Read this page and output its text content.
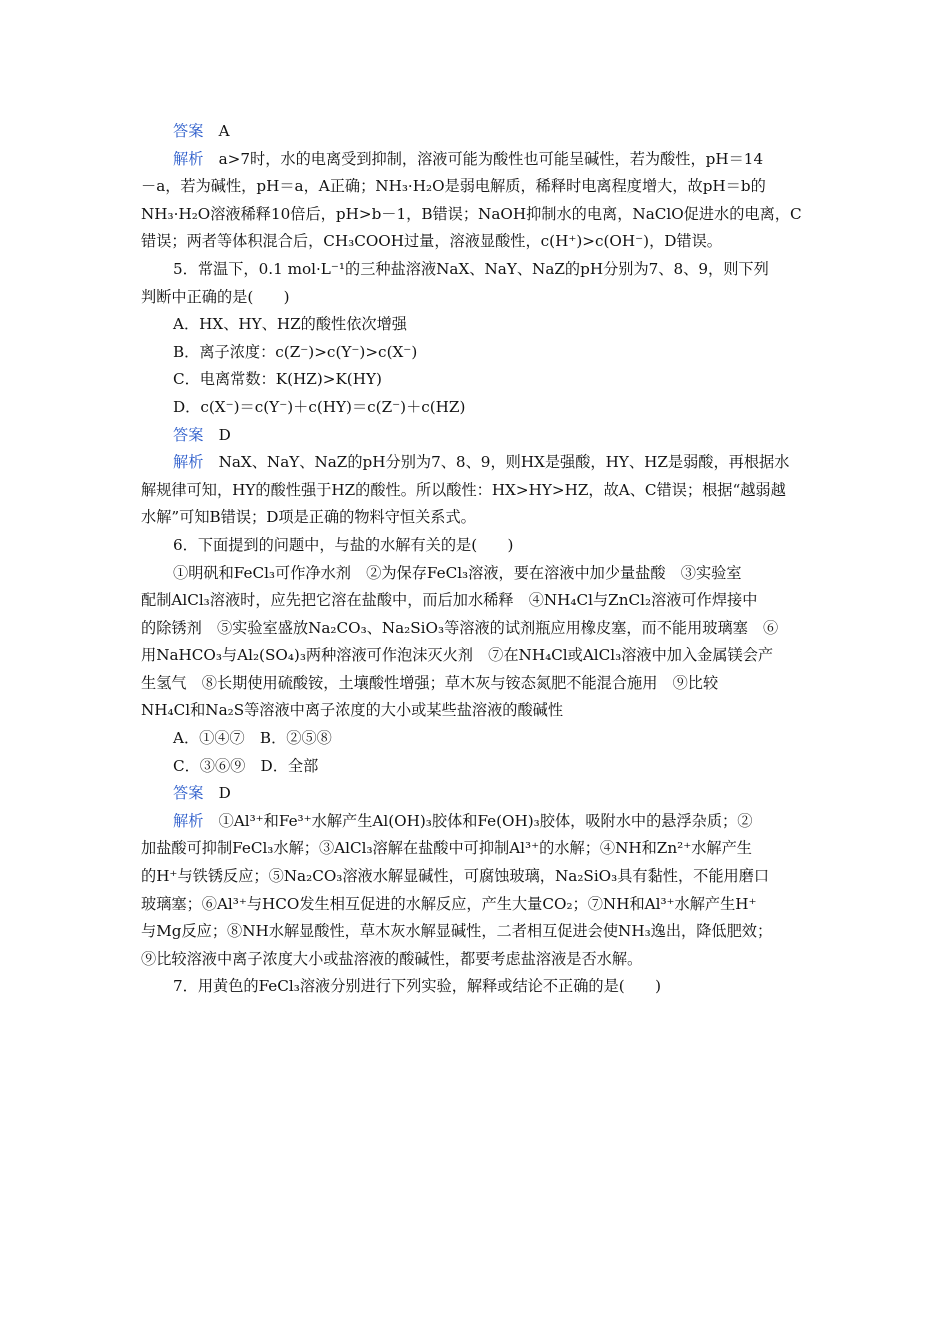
答案　A
解析　a>7时，水的电离受到抑制，溶液可能为酸性也可能呈碱性，若为酸性，pH＝14
－a，若为碱性，pH＝a，A正确；NH₃·H₂O是弱电解质，稀释时电离程度增大，故pH＝b的
NH₃·H₂O溶液稀释10倍后，pH>b－1，B错误；NaOH抑制水的电离，NaClO促进水的电离，C
错误；两者等体积混合后，CH₃COOH过量，溶液显酸性，c(H⁺)>c(OH⁻)，D错误。
5．常温下，0.1 mol·L⁻¹的三种盐溶液NaX、NaY、NaZ的pH分别为7、8、9，则下列
判断中正确的是(　　)
A．HX、HY、HZ的酸性依次增强
B．离子浓度：c(Z⁻)>c(Y⁻)>c(X⁻)
C．电离常数：K(HZ)>K(HY)
D．c(X⁻)＝c(Y⁻)＋c(HY)＝c(Z⁻)＋c(HZ)
答案　D
解析　NaX、NaY、NaZ的pH分别为7、8、9，则HX是强酸，HY、HZ是弱酸，再根据水
解规律可知，HY的酸性强于HZ的酸性。所以酸性：HX>HY>HZ，故A、C错误；根据“越弱越
水解”可知B错误；D项是正确的物料守恒关系式。
6．下面提到的问题中，与盐的水解有关的是(　　)
①明矾和FeCl₃可作净水剂　②为保存FeCl₃溶液，要在溶液中加少量盐酸　③实验室
配制AlCl₃溶液时，应先把它溶在盐酸中，而后加水稀释　④NH₄Cl与ZnCl₂溶液可作焊接中
的除锈剂　⑤实验室盛放Na₂CO₃、Na₂SiO₃等溶液的试剂瓶应用橡皮塞，而不能用玻璃塞　⑥
用NaHCO₃与Al₂(SO₄)₃两种溶液可作泡沫灭火剂　⑦在NH₄Cl或AlCl₃溶液中加入金属镁会产
生氢气　⑧长期使用硫酸铵，土壤酸性增强；草木灰与铵态氮肥不能混合施用　⑨比较
NH₄Cl和Na₂S等溶液中离子浓度的大小或某些盐溶液的酸碱性
A．①④⑦　B．②⑤⑧
C．③⑥⑨　D．全部
答案　D
解析　①Al³⁺和Fe³⁺水解产生Al(OH)₃胶体和Fe(OH)₃胶体，吸附水中的悬浮杂质；②
加盐酸可抑制FeCl₃水解；③AlCl₃溶解在盐酸中可抑制Al³⁺的水解；④NH和Zn²⁺水解产生
的H⁺与铁锈反应；⑤Na₂CO₃溶液水解显碱性，可腐蚀玻璃，Na₂SiO₃具有黏性，不能用磨口
玻璃塞；⑥Al³⁺与HCO发生相互促进的水解反应，产生大量CO₂；⑦NH和Al³⁺水解产生H⁺
与Mg反应；⑧NH水解显酸性，草木灰水解显碱性，二者相互促进会使NH₃逸出，降低肥效；
⑨比较溶液中离子浓度大小或盐溶液的酸碱性，都要考虑盐溶液是否水解。
7．用黄色的FeCl₃溶液分别进行下列实验，解释或结论不正确的是(　　)
